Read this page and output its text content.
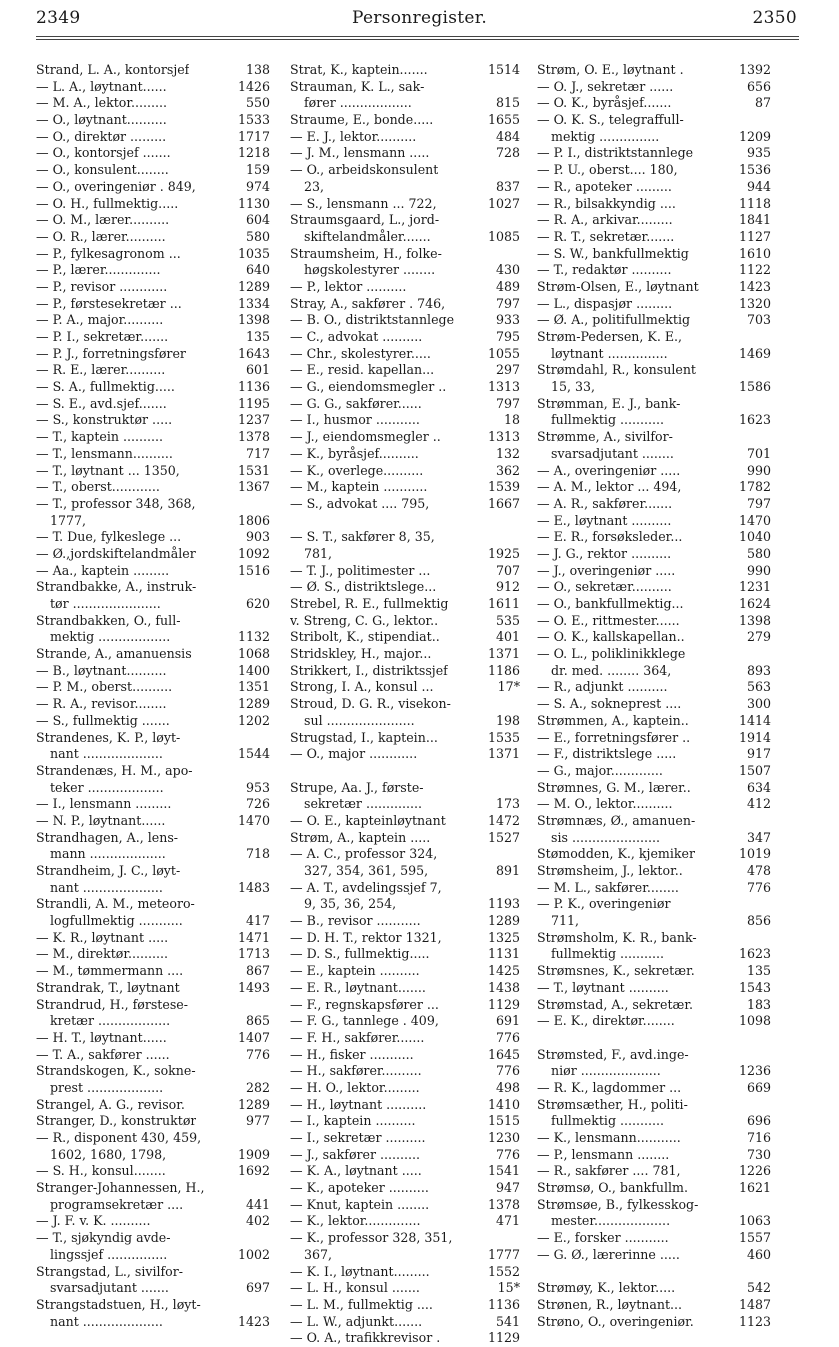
2349	Personregister.	2350
Strand, L. A., kontorsjef	138
— L. A., løytnant......	1426
— M. A., lektor.........	550
— O., løytnant..........	1533
— O., direktør .........	1717
— O., kontorsjef .......	1218
— O., konsulent........	159
— O., overingeniør . 849,	974
— O. H., fullmektig.....	1130
— O. M., lærer..........	604
— O. R., lærer..........	580
— P., fylkesagronom ...	1035
— P., lærer..............	640
— P., revisor ............	1289
— P., førstesekretær ...	1334
— P. A., major..........	1398
— P. I., sekretær.......	135
— P. J., forretningsfører	1643
— R. E., lærer..........	601
— S. A., fullmektig.....	1136
— S. E., avd.sjef.......	1195
— S., konstruktør .....	1237
— T., kaptein ..........	1378
— T., lensmann..........	717
— T., løytnant ... 1350,	1531
— T., oberst............	1367
— T., professor 348, 368,
1777,	1806
— T. Due, fylkeslege ...	903
— Ø.,jordskiftelandmåler	1092
— Aa., kaptein .........	1516
Strandbakke, A., instruk-
tør ......................	620
Strandbakken, O., full-
mektig ..................	1132
Strande, A., amanuensis	1068
— B., løytnant..........	1400
— P. M., oberst..........	1351
— R. A., revisor........	1289
— S., fullmektig .......	1202
Strandenes, K. P., løyt-
nant ....................	1544
Strandenæs, H. M., apo-
teker ...................	953
— I., lensmann .........	726
— N. P., løytnant......	1470
Strandhagen, A., lens-
mann ...................	718
Strandheim, J. C., løyt-
nant ....................	1483
Strandli, A. M., meteoro-
logfullmektig ...........	417
— K. R., løytnant .....	1471
— M., direktør..........	1713
— M., tømmermann ....	867
Strandrak, T., løytnant	1493
Strandrud, H., førstese-
kretær ..................	865
— H. T., løytnant......	1407
— T. A., sakfører ......	776
Strandskogen, K., sokne-
prest ...................	282
Strangel, A. G., revisor.	1289
Stranger, D., konstruktør	977
— R., disponent 430, 459,
1602, 1680, 1798,	1909
— S. H., konsul........	1692
Stranger-Johannessen, H.,
programsekretær ....	441
— J. F. v. K. ..........	402
— T., sjøkyndig avde-
lingssjef ...............	1002
Strangstad, L., sivilfor-
svarsadjutant .......	697
Strangstadstuen, H., løyt-
nant ....................	1423
Strat, K., kaptein.......	1514
Strauman, K. L., sak-
fører ..................	815
Straume, E., bonde.....	1655
— E. J., lektor..........	484
— J. M., lensmann .....	728
— O., arbeidskonsulent
23,	837
— S., lensmann ... 722,	1027
Straumsgaard, L., jord-
skiftelandmåler.......	1085
Straumsheim, H., folke-
høgskolestyrer ........	430
— P., lektor ..........	489
Stray, A., sakfører . 746,	797
— B. O., distriktstannlege	933
— C., advokat ..........	795
— Chr., skolestyrer.....	1055
— E., resid. kapellan...	297
— G., eiendomsmegler ..	1313
— G. G., sakfører......	797
— I., husmor ...........	18
— J., eiendomsmegler ..	1313
— K., byråsjef..........	132
— K., overlege..........	362
— M., kaptein ...........	1539
— S., advokat .... 795,	1667
— S. T., sakfører 8, 35,
781,	1925
— T. J., politimester ...	707
— Ø. S., distriktslege...	912
Strebel, R. E., fullmektig	1611
v. Streng, C. G., lektor..	535
Stribolt, K., stipendiat..	401
Stridskley, H., major...	1371
Strikkert, I., distriktssjef	1186
Strong, I. A., konsul ...	17*
Stroud, D. G. R., visekon-
sul ......................	198
Strugstad, I., kaptein...	1535
— O., major ............	1371
Strupe, Aa. J., første-
sekretær ..............	173
— O. E., kapteinløytnant	1472
Strøm, A., kaptein .....	1527
— A. C., professor 324,
327, 354, 361, 595,	891
— A. T., avdelingssjef 7,
9, 35, 36, 254,	1193
— B., revisor ...........	1289
— D. H. T., rektor 1321,	1325
— D. S., fullmektig.....	1131
— E., kaptein ..........	1425
— E. R., løytnant.......	1438
— F., regnskapsfører ...	1129
— F. G., tannlege . 409,	691
— F. H., sakfører.......	776
— H., fisker ...........	1645
— H., sakfører..........	776
— H. O., lektor.........	498
— H., løytnant ..........	1410
— I., kaptein ..........	1515
— I., sekretær ..........	1230
— J., sakfører ..........	776
— K. A., løytnant .....	1541
— K., apoteker ..........	947
— Knut, kaptein ........	1378
— K., lektor..............	471
— K., professor 328, 351,
367,	1777
— K. I., løytnant.........	1552
— L. H., konsul .......	15*
— L. M., fullmektig ....	1136
— L. W., adjunkt.......	541
— O. A., trafikkrevisor .	1129
Strøm, O. E., løytnant .	1392
— O. J., sekretær ......	656
— O. K., byråsjef.......	87
— O. K. S., telegraffull-
mektig ...............	1209
— P. I., distriktstannlege	935
— P. U., oberst.... 180,	1536
— R., apoteker .........	944
— R., bilsakkyndig ....	1118
— R. A., arkivar.........	1841
— R. T., sekretær.......	1127
— S. W., bankfullmektig	1610
— T., redaktør ..........	1122
Strøm-Olsen, E., løytnant	1423
— L., dispasjør .........	1320
— Ø. A., politifullmektig	703
Strøm-Pedersen, K. E.,
løytnant ...............	1469
Strømdahl, R., konsulent
15, 33,	1586
Strømman, E. J., bank-
fullmektig ...........	1623
Strømme, A., sivilfor-
svarsadjutant ........	701
— A., overingeniør .....	990
— A. M., lektor ... 494,	1782
— A. R., sakfører.......	797
— E., løytnant ..........	1470
— E. R., forsøksleder...	1040
— J. G., rektor ..........	580
— J., overingeniør .....	990
— O., sekretær..........	1231
— O., bankfullmektig...	1624
— O. E., rittmester......	1398
— O. K., kallskapellan..	279
— O. L., poliklinikklege
dr. med. ........ 364,	893
— R., adjunkt ..........	563
— S. A., sokneprest ....	300
Strømmen, A., kaptein..	1414
— E., forretningsfører ..	1914
— F., distriktslege .....	917
— G., major.............	1507
Strømnes, G. M., lærer..	634
— M. O., lektor..........	412
Strømnæs, Ø., amanuen-
sis ......................	347
Stømodden, K., kjemiker	1019
Strømsheim, J., lektor..	478
— M. L., sakfører........	776
— P. K., overingeniør
711,	856
Strømsholm, K. R., bank-
fullmektig ...........	1623
Strømsnes, K., sekretær.	135
— T., løytnant ..........	1543
Strømstad, A., sekretær.	183
— E. K., direktør........	1098
Strømsted, F., avd.inge-
niør ....................	1236
— R. K., lagdommer ...	669
Strømsæther, H., politi-
fullmektig ...........	696
— K., lensmann...........	716
— P., lensmann ........	730
— R., sakfører .... 781,	1226
Strømsø, O., bankfullm.	1621
Strømsøe, B., fylkesskog-
mester...................	1063
— E., forsker ...........	1557
— G. Ø., lærerinne .....	460
Strømøy, K., lektor.....	542
Strønen, R., løytnant...	1487
Strøno, O., overingeniør.	1123
